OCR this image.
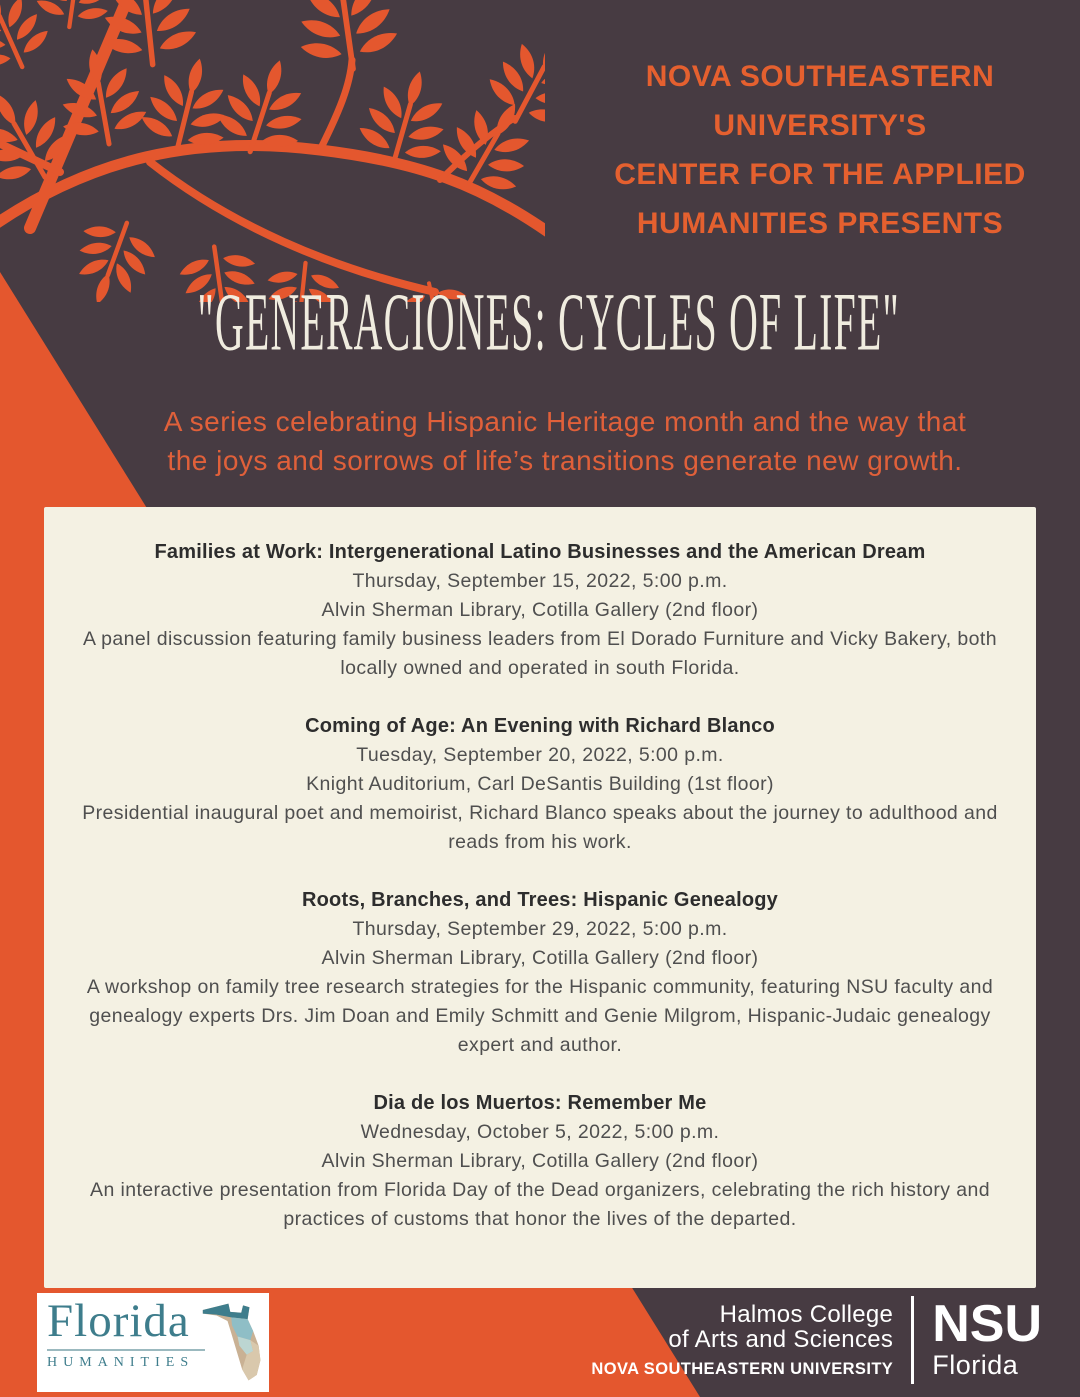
NOVA SOUTHEASTERN
UNIVERSITY'S
CENTER FOR THE APPLIED
HUMANITIES PRESENTS
"GENERACIONES: CYCLES OF LIFE"
A series celebrating Hispanic Heritage month and the way that
the joys and sorrows of life’s transitions generate new growth.
Families at Work: Intergenerational Latino Businesses and the American Dream

Thursday, September 15, 2022, 5:00 p.m.

Alvin Sherman Library, Cotilla Gallery (2nd floor)

A panel discussion featuring family business leaders from El Dorado Furniture and Vicky Bakery, both locally owned and operated in south Florida.

Coming of Age: An Evening with Richard Blanco

Tuesday, September 20, 2022, 5:00 p.m.

Knight Auditorium, Carl DeSantis Building (1st floor)

Presidential inaugural poet and memoirist, Richard Blanco speaks about the journey to adulthood and reads from his work.

Roots, Branches, and Trees: Hispanic Genealogy

Thursday, September 29, 2022, 5:00 p.m.

Alvin Sherman Library, Cotilla Gallery (2nd floor)

A workshop on family tree research strategies for the Hispanic community, featuring NSU faculty and genealogy experts Drs. Jim Doan and Emily Schmitt and Genie Milgrom, Hispanic-Judaic genealogy expert and author.

Dia de los Muertos: Remember Me

Wednesday, October 5, 2022, 5:00 p.m.

Alvin Sherman Library, Cotilla Gallery (2nd floor)

An interactive presentation from Florida Day of the Dead organizers, celebrating the rich history and practices of customs that honor the lives of the departed.

Florida
HUMANITIES
Halmos College
of Arts and Sciences
NOVA SOUTHEASTERN UNIVERSITY
NSU
Florida
